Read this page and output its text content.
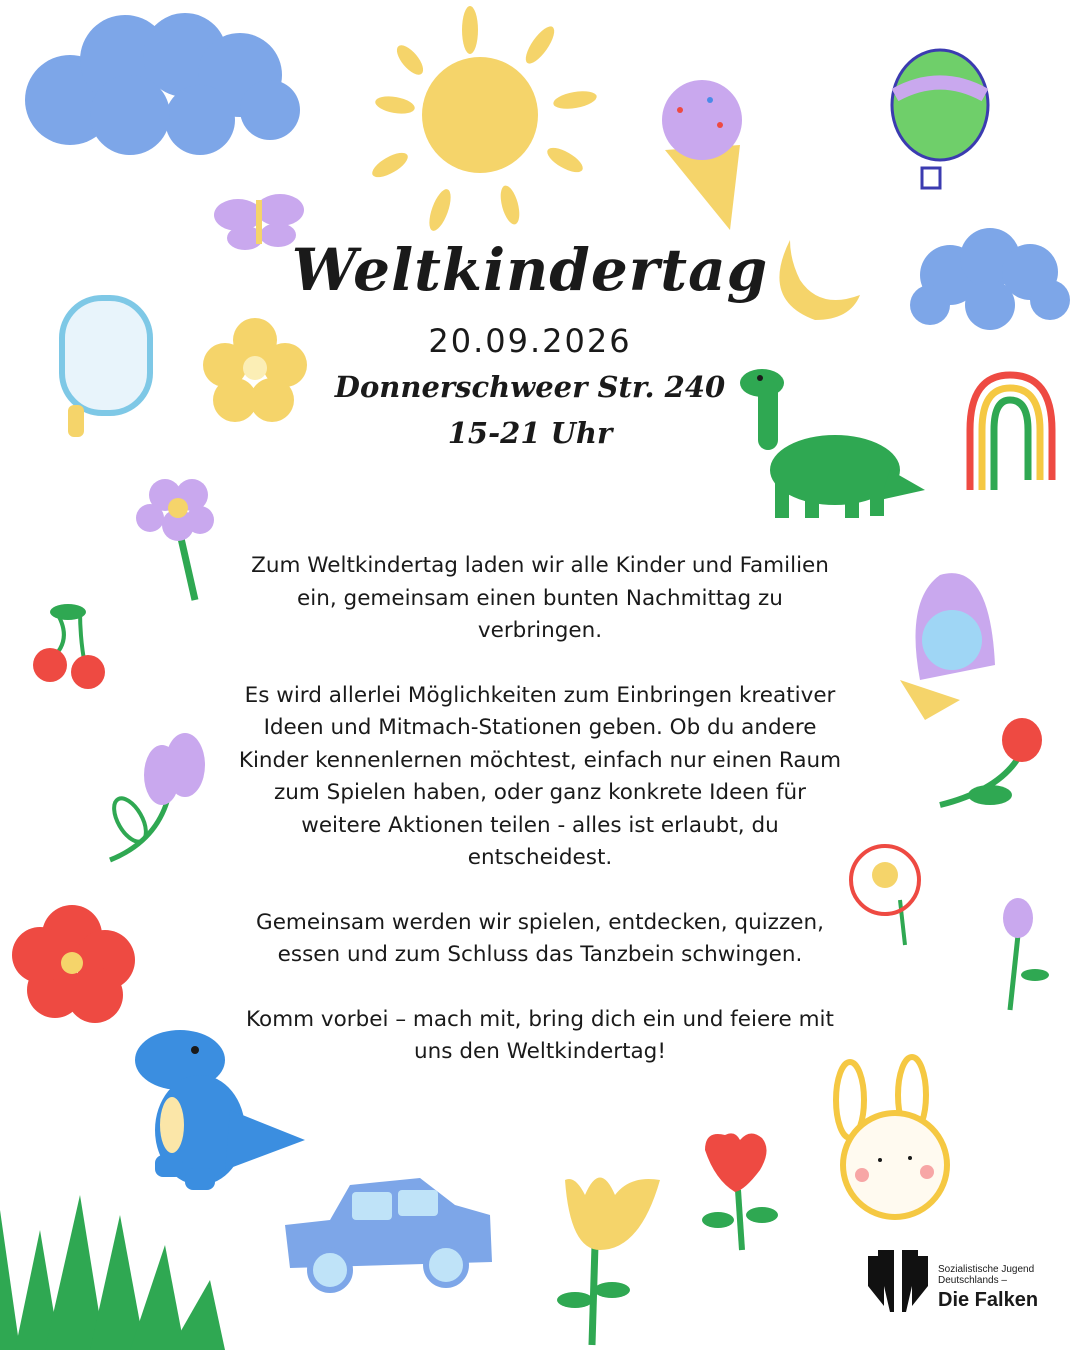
Weltkindertag
20.09.2026
Donnerschweer Str. 240
15-21 Uhr

Zum Weltkindertag laden wir alle Kinder und Familien ein, gemeinsam einen bunten Nachmittag zu verbringen.

Es wird allerlei Möglichkeiten zum Einbringen kreativer Ideen und Mitmach-Stationen geben. Ob du andere Kinder kennenlernen möchtest, einfach nur einen Raum zum Spielen haben, oder ganz konkrete Ideen für weitere Aktionen teilen - alles ist erlaubt, du entscheidest.

Gemeinsam werden wir spielen, entdecken, quizzen, essen und zum Schluss das Tanzbein schwingen.

Komm vorbei – mach mit, bring dich ein und feiere mit uns den Weltkindertag!

Sozialistische Jugend
Deutschlands –
Die Falken
